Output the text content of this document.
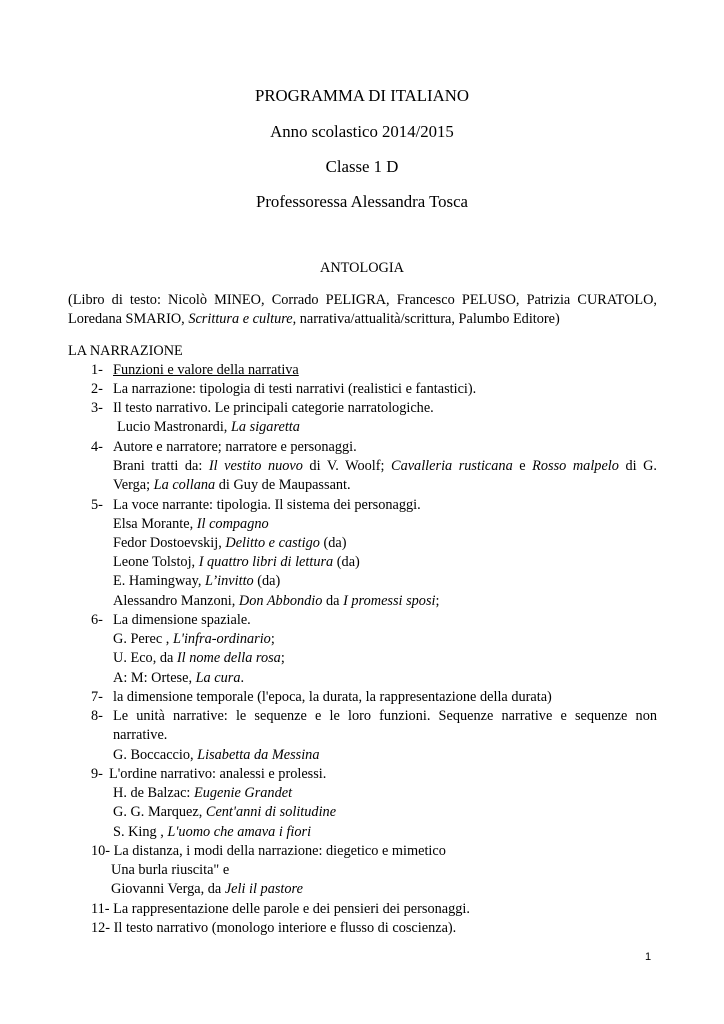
PROGRAMMA DI ITALIANO
Anno scolastico 2014/2015
Classe 1 D
Professoressa Alessandra Tosca
ANTOLOGIA
(Libro di testo: Nicolò MINEO, Corrado PELIGRA, Francesco PELUSO, Patrizia CURATOLO,
Loredana SMARIO, Scrittura e culture, narrativa/attualità/scrittura, Palumbo Editore)
LA NARRAZIONE
1- Funzioni e valore della narrativa
2- La narrazione: tipologia di testi narrativi (realistici e fantastici).
3- Il testo narrativo. Le principali categorie narratologiche.
Lucio Mastronardi, La sigaretta
4- Autore e narratore; narratore e personaggi.
Brani tratti da: Il vestito nuovo di V. Woolf; Cavalleria rusticana e Rosso malpelo di G.
Verga; La collana di Guy de Maupassant.
5- La voce narrante: tipologia. Il sistema dei personaggi.
Elsa Morante, Il compagno
Fedor Dostoevskij, Delitto e castigo (da)
Leone Tolstoj, I quattro libri di lettura (da)
E. Hamingway, L’invitto (da)
Alessandro Manzoni, Don Abbondio da I promessi sposi;
6- La dimensione spaziale.
G. Perec , L'infra-ordinario;
U. Eco, da Il nome della rosa;
A: M: Ortese, La cura.
7- la dimensione temporale (l'epoca, la durata, la rappresentazione della durata)
8- Le unità narrative: le sequenze e le loro funzioni. Sequenze narrative e sequenze non
narrative.
G. Boccaccio, Lisabetta da Messina
9- L'ordine narrativo: analessi e prolessi.
H. de Balzac: Eugenie Grandet
G. G. Marquez, Cent'anni di solitudine
S. King , L'uomo che amava i fiori
10- La distanza, i modi della narrazione: diegetico e mimetico
Una burla riuscita" e
Giovanni Verga, da Jeli il pastore
11- La rappresentazione delle parole e dei pensieri dei personaggi.
12- Il testo narrativo (monologo interiore e flusso di coscienza).
1
